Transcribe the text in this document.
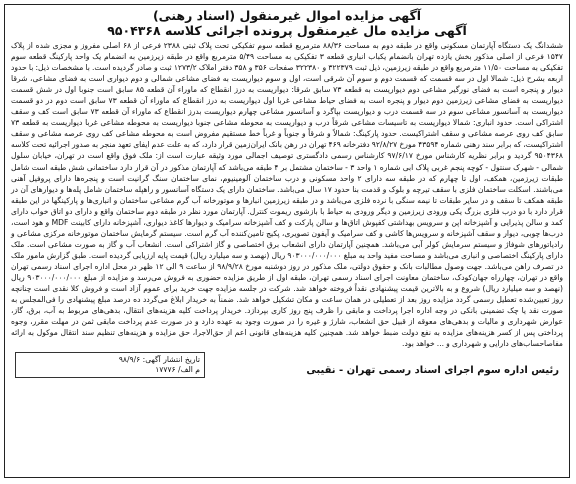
آگهی مزایده اموال غیرمنقول (اسناد رهنی)

آگهی مزایده مال غیرمنقول پرونده اجرائی کلاسه ۹۵۰۴۳۶۸

ششدانگ یک دستگاه آپارتمان مسکونی واقع در طبقه دوم به مساحت ۸۸/۳۶ مترمربع قطعه سوم تفکیکی تحت پلاک ثبتی ۲۳۸۸ فرعی از ۶۸ اصلی مفروز و مجزی شده از پلاک ۱۵۴۷ فرعی از اصلی مذکور بخش یازده تهران بانضمام یکباب انباری قطعه ۳ تفکیکی به مساحت ۵/۴۹ مترمربع واقع در طبقه زیرزمین به انضمام یک واحد پارکینگ قطعه سوم تفکیکی به مساحت ۱۱/۵۰ مترمربع واقع در طبقه زیرزمین، ذیل ثبت ۳۲۲۳۷۹ و ۳۲۲۳۸۰ صفحات ۳۵۶ و ۳۵۸ دفتر املاک ۱۲۷۳/۲ ثبت و صادر گردیده است. با مشخصات ذیل: با حدود اربعه بشرح ذیل: شمالا اول در سه قسمت که قسمت دوم و سوم آن شرقی است، اول و سوم دیواریست به فضای مشاعی شمالی و دوم دیواری است به فضای مشاعی، شرقا دیوار و پنجره است به فضای نورگیر مشاعی دوم دیواریست به قطعه ۷۳ سابق شرقا: دیواریست به درز انقطاع که ماوراء آن قطعه ۸۵ سابق است جنوبا اول در شش قسمت دیواریست به فضای مشاعی زیرزمین دوم دیوار و پنجره است به فضای حیاط مشاعی غربا اول دیواریست به درز انقطاع که ماوراء آن قطعه ۷۳ سابق است دوم در دو قسمت دیواریست به آسانسور مشاعی سوم در سه قسمت درب و دیواریست بپاگرد و آسانسور مشاعی چهارم دیواریست بدرز انقطاع که ماوراء آن قطعه ۷۳ سابق است کف و سقف اشتراکی است. حدود انباری: شمالا دیواریست به تاسیسات مشاعی شرقاً درب و دیواریست به محوطه مشاعی جنوبا دیواریست به محوطه مشاعی غربا دیواریست به قطعه ۷۳ سابق کف روی عرصه مشاعی و سقف اشتراکیست. حدود پارکینگ: شمالاً و شرقاً و جنوباً و غرباً خط مستقیم مفروض است به محوطه مشاعی کف روی عرصه مشاعی و سقف اشتراکیست، که برابر سند رهنی شماره ۴۳۵۹۴ مورخ ۹۲/۸/۲۷ دفترخانه ۴۶۹ تهران در رهن بانک ایران‌زمین قرار دارد، که به علت عدم ایفای تعهد منجر به صدور اجرائیه تحت کلاسه ۹۵۰۴۳۶۸ گردید و برابر نظریه کارشناس مورخ ۹۷/۶/۱۷ کارشناس رسمی دادگستری توصیف اجمالی مورد وثیقه عبارت است از: ملک فوق واقع است در تهران، خیابان سلول شمالی - شهرک سنتول - کوچه پنجم غربی پلاک ابی شماره ۱ واحد ۳ - ساختمان مشتمل بر ۴ طبقه می‌باشد که آپارتمان مذکور در آن قرار دارد ساختمانی شش طبقه است شامل طبقات زیرزمین، همکف، اول تا چهارم که در طبقه سه دارای ۲ واحد مسکونی و درب ساختمان آلومینیوم، نمای ساختمان سنگ گرانیت است و پنجره‌ها دارای پروفیل آهنی می‌باشند. اسکلت ساختمان فلزی با سقف تیرچه و بلوک و قدمت بنا حدود ۱۷ سال می‌باشد. ساختمان دارای یک دستگاه آسانسور و راهپله ساختمان شامل پله‌ها و دیوارهای آن در طبقه همکف تا سقف و در سایر طبقات تا نیمه سنگی با نرده فلزی می‌باشد و در طبقه زیرزمین انبارها و موتورخانه آب گرم مشاعی ساختمان و انباری‌ها و پارکینگها در این طبقه قرار دارد با دو درب فلزی بزرگ یکی ورودی زیرزمین و دیگر ورودی به حیاط با بازشوی ریموت کنترل. آپارتمان مورد نظر در طبقه دوم ساختمان واقع و دارای دو اتاق خواب دارای کمد و سالن پذیرایی و آشپزخانه اپن و سرویس بهداشتی کفپوش اتاق‌ها و سالن پارکت و کف آشپزخانه سرامیک و دیوارها کاغذ دیواری، آشپزخانه دارای کابینت MDF و هود است، درب‌ها چوبی، دیوار و سقف آشپزخانه و سرویس‌ها کاشی و کف سرامیک و آیفون تصویری، پکیج تامین‌کننده آب گرم است. سیستم گرمایش ساختمان موتورخانه مرکزی مشاعی و رادیاتورهای شوفاژ و سیستم سرمایش کولر آبی می‌باشد. همچنین آپارتمان دارای انشعاب برق اختصاصی و گاز اشتراکی است. انشعاب آب و گاز به صورت مشاعی است. ملک دارای پارکینگ اختصاصی و انباری می‌باشد و مساحت مفید واحد به مبلغ ۹۰۳۰۰۰/۰۰۰/۰۰۰ ریال (نهصد و سه میلیارد ریال) قیمت پایه ارزیابی گردیده است. طبق گزارش مامور ملک در تصرف راهن می‌باشد. جهت وصول مطالبات بانک و حقوق دولتی، ملک مذکور در روز دوشنبه مورخ ۹۸/۹/۲۸ از ساعت ۹ الی ۱۲ ظهر در محل اداره اجرای اسناد رسمی تهران واقع در تهران، چهارراه جهان‌کودک، ساختمان معاونت اجرای اسناد رسمی تهران، طبقه اول از طریق مزایده حضوری به فروش می‌رسد و مزایده از مبلغ ۹۰۳۰۰۰/۰۰۰/۰۰۰ ریال (نهصد و سه میلیارد ریال) شروع و به بالاترین قیمت پیشنهادی نقداً فروخته خواهد شد. شرکت در جلسه مزایده جهت خرید برای عموم آزاد است و فروش کلا نقدی است چنانچه روز تعیین‌شده تعطیل رسمی گردد مزایده روز بعد از تعطیلی در همان ساعت و مکان تشکیل خواهد شد. ضمناً به خریدار ابلاغ می‌گردد ده درصد مبلغ پیشنهادی را فی‌المجلس به صورت نقد یا چک تضمینی بانکی در وجه اداره اجرا پرداخت و مابقی را ظرف پنج روز کاری بپردازد. خریدار پرداخت کلیه هزینه‌های انتقال، بدهی‌های مربوط به آب، برق، گاز، عوارض شهرداری و مالیات و بدهی‌های معوقه از قبیل حق انشعاب، شارژ و غیره را در صورت وجود به عهده دارد و در صورت عدم پرداخت مابقی ثمن در مهلت مقرر، وجوه پرداختی پس از کسر هزینه‌های مزایده به نفع دولت ضبط خواهد شد. همچنین کلیه هزینه‌های قانونی اعم از حق‌الاجرا، حق مزایده و هزینه‌های تنظیم سند انتقال موکول به ارائه مفاصاحساب‌های دارایی و شهرداری و ... خواهد بود.

رئیس اداره سوم اجرای اسناد رسمی تهران - نقیبی
تاریخ انتشار آگهی: ۹۸/۹/۶
م الف/ ۱۷۷۷۶
